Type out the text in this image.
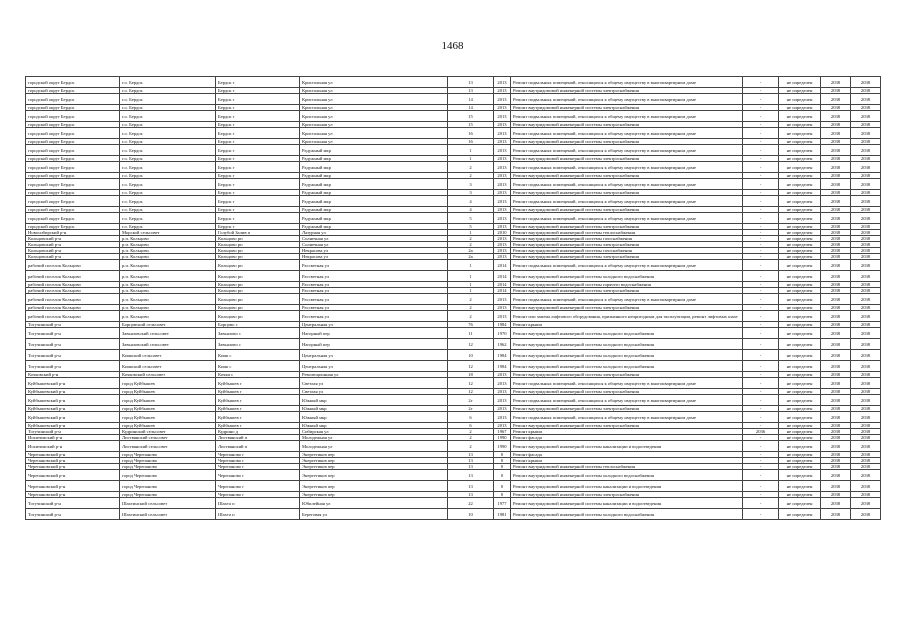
1468
городской округ Бердск	г.о. Бердск	Бердск г	Кристальная ул	13	2013	Ремонт подвальных помещений, относящихся к общему имуществу в многоквартирном доме	-	не определен	2038	2038
городской округ Бердск	г.о. Бердск	Бердск г	Кристальная ул	13	2013	Ремонт внутридомовой инженерной системы электроснабжения	-	не определен	2038	2038
городской округ Бердск	г.о. Бердск	Бердск г	Кристальная ул	14	2013	Ремонт подвальных помещений, относящихся к общему имуществу в многоквартирном доме	-	не определен	2038	2038
городской округ Бердск	г.о. Бердск	Бердск г	Кристальная ул	14	2013	Ремонт внутридомовой инженерной системы электроснабжения	-	не определен	2038	2038
городской округ Бердск	г.о. Бердск	Бердск г	Кристальная ул	15	2013	Ремонт подвальных помещений, относящихся к общему имуществу в многоквартирном доме	-	не определен	2038	2038
городской округ Бердск	г.о. Бердск	Бердск г	Кристальная ул	15	2013	Ремонт внутридомовой инженерной системы электроснабжения	-	не определен	2038	2038
городской округ Бердск	г.о. Бердск	Бердск г	Кристальная ул	16	2013	Ремонт подвальных помещений, относящихся к общему имуществу в многоквартирном доме	-	не определен	2038	2038
городской округ Бердск	г.о. Бердск	Бердск г	Кристальная ул	16	2013	Ремонт внутридомовой инженерной системы электроснабжения	-	не определен	2038	2038
городской округ Бердск	г.о. Бердск	Бердск г	Радужный мкр	1	2013	Ремонт подвальных помещений, относящихся к общему имуществу в многоквартирном доме	-	не определен	2038	2038
городской округ Бердск	г.о. Бердск	Бердск г	Радужный мкр	1	2013	Ремонт внутридомовой инженерной системы электроснабжения	-	не определен	2038	2038
городской округ Бердск	г.о. Бердск	Бердск г	Радужный мкр	2	2013	Ремонт подвальных помещений, относящихся к общему имуществу в многоквартирном доме	-	не определен	2038	2038
городской округ Бердск	г.о. Бердск	Бердск г	Радужный мкр	2	2013	Ремонт внутридомовой инженерной системы электроснабжения	-	не определен	2038	2038
городской округ Бердск	г.о. Бердск	Бердск г	Радужный мкр	3	2013	Ремонт подвальных помещений, относящихся к общему имуществу в многоквартирном доме	-	не определен	2038	2038
городской округ Бердск	г.о. Бердск	Бердск г	Радужный мкр	3	2013	Ремонт внутридомовой инженерной системы электроснабжения	-	не определен	2038	2038
городской округ Бердск	г.о. Бердск	Бердск г	Радужный мкр	4	2013	Ремонт подвальных помещений, относящихся к общему имуществу в многоквартирном доме	-	не определен	2038	2038
городской округ Бердск	г.о. Бердск	Бердск г	Радужный мкр	4	2013	Ремонт внутридомовой инженерной системы электроснабжения	-	не определен	2038	2038
городской округ Бердск	г.о. Бердск	Бердск г	Радужный мкр	5	2013	Ремонт подвальных помещений, относящихся к общему имуществу в многоквартирном доме	-	не определен	2038	2038
городской округ Бердск	г.о. Бердск	Бердск г	Радужный мкр	5	2013	Ремонт внутридомовой инженерной системы электроснабжения	-	не определен	2038	2038
Новосибирский р-н	Морской сельсовет	Голубой Залив п	Лазурная ул	1	2010	Ремонт внутридомовой инженерной системы теплоснабжения	-	не определен	2038	2038
Кольцовский р-н	р.п. Кольцово	Кольцово рп	Солнечная ул	2	2013	Ремонт внутридомовой инженерной системы газоснабжения	-	не определен	2038	2038
Кольцовский р-н	р.п. Кольцово	Кольцово рп	Солнечная ул	2	2013	Ремонт внутридомовой инженерной системы электроснабжения	-	не определен	2038	2038
Кольцовский р-н	р.п. Кольцово	Кольцово рп	Некрасова ул	2а	2013	Ремонт внутридомовой инженерной системы газоснабжения	-	не определен	2038	2038
Кольцовский р-н	р.п. Кольцово	Кольцово рп	Некрасова ул	2а	2013	Ремонт внутридомовой инженерной системы электроснабжения	-	не определен	2038	2038
рабочий поселок Кольцово	р.п. Кольцово	Кольцово рп	Рассветная ул	1	2014	Ремонт подвальных помещений, относящихся к общему имуществу в многоквартирном доме	-	не определен	2038	2038
рабочий поселок Кольцово	р.п. Кольцово	Кольцово рп	Рассветная ул	1	2014	Ремонт внутридомовой инженерной системы холодного водоснабжения	-	не определен	2038	2038
рабочий поселок Кольцово	р.п. Кольцово	Кольцово рп	Рассветная ул	1	2014	Ремонт внутридомовой инженерной системы горячего водоснабжения	-	не определен	2038	2038
рабочий поселок Кольцово	р.п. Кольцово	Кольцово рп	Рассветная ул	1	2014	Ремонт внутридомовой инженерной системы электроснабжения	-	не определен	2038	2038
рабочий поселок Кольцово	р.п. Кольцово	Кольцово рп	Рассветная ул	2	2013	Ремонт подвальных помещений, относящихся к общему имуществу в многоквартирном доме	-	не определен	2038	2038
рабочий поселок Кольцово	р.п. Кольцово	Кольцово рп	Рассветная ул	2	2013	Ремонт внутридомовой инженерной системы электроснабжения	-	не определен	2038	2038
рабочий поселок Кольцово	р.п. Кольцово	Кольцово рп	Рассветная ул	2	2013	Ремонт или замена лифтового оборудования, признанного непригодным для эксплуатации, ремонт лифтовых шахт	-	не определен	2038	2038
Тогучинский р-н	Борцовский сельсовет	Борцово с	Центральная ул	76	1984	Ремонт крыши	-	не определен	2038	2038
Тогучинский р-н	Завьяловский сельсовет	Завьялово с	Нагорный пер	11	1970	Ремонт внутридомовой инженерной системы холодного водоснабжения	-	не определен	2038	2038
Тогучинский р-н	Завьяловский сельсовет	Завьялово с	Нагорный пер	12	1962	Ремонт внутридомовой инженерной системы холодного водоснабжения	-	не определен	2038	2038
Тогучинский р-н	Киикский сельсовет	Киик с	Центральная ул	10	1984	Ремонт внутридомовой инженерной системы холодного водоснабжения	-	не определен	2038	2038
Тогучинский р-н	Киикский сельсовет	Киик с	Центральная ул	12	1984	Ремонт внутридомовой инженерной системы холодного водоснабжения	-	не определен	2038	2038
Кочковский р-н	Кочковский сельсовет	Кочки с	Революционная ул	18	2013	Ремонт внутридомовой инженерной системы электроснабжения	-	не определен	2038	2038
Куйбышевский р-н	город Куйбышев	Куйбышев г	Светлая ул	12	2013	Ремонт подвальных помещений, относящихся к общему имуществу в многоквартирном доме	-	не определен	2038	2038
Куйбышевский р-н	город Куйбышев	Куйбышев г	Светлая ул	12	2013	Ремонт внутридомовой инженерной системы электроснабжения	-	не определен	2038	2038
Куйбышевский р-н	город Куйбышев	Куйбышев г	Южный мкр	2г	2013	Ремонт подвальных помещений, относящихся к общему имуществу в многоквартирном доме	-	не определен	2038	2038
Куйбышевский р-н	город Куйбышев	Куйбышев г	Южный мкр	2г	2013	Ремонт внутридомовой инженерной системы электроснабжения	-	не определен	2038	2038
Куйбышевский р-н	город Куйбышев	Куйбышев г	Южный мкр	6	2013	Ремонт подвальных помещений, относящихся к общему имуществу в многоквартирном доме	-	не определен	2038	2038
Куйбышевский р-н	город Куйбышев	Куйбышев г	Южный мкр	6	2013	Ремонт внутридомовой инженерной системы электроснабжения	-	не определен	2038	2038
Тогучинский р-н	Кудринский сельсовет	Кудрино д	Сибирская ул	2	1967	Ремонт крыши	2036	не определен	2038	2038
Искитимский р-н	Листвянский сельсовет	Листвянский п	Молодежная ул	2	1990	Ремонт фасада	-	не определен	2038	2038
Искитимский р-н	Листвянский сельсовет	Листвянский п	Молодежная ул	2	1990	Ремонт внутридомовой инженерной системы канализации и водоотведения	-	не определен	2038	2038
Черепановский р-н	город Черепаново	Черепаново г	Энергетиков пер	13	0	Ремонт фасада	-	не определен	2038	2038
Черепановский р-н	город Черепаново	Черепаново г	Энергетиков пер	13	0	Ремонт крыши	-	не определен	2038	2038
Черепановский р-н	город Черепаново	Черепаново г	Энергетиков пер	13	0	Ремонт внутридомовой инженерной системы теплоснабжения	-	не определен	2038	2038
Черепановский р-н	город Черепаново	Черепаново г	Энергетиков пер	13	0	Ремонт внутридомовой инженерной системы холодного водоснабжения	-	не определен	2038	2038
Черепановский р-н	город Черепаново	Черепаново г	Энергетиков пер	13	0	Ремонт внутридомовой инженерной системы канализации и водоотведения	-	не определен	2038	2038
Черепановский р-н	город Черепаново	Черепаново г	Энергетиков пер	13	0	Ремонт внутридомовой инженерной системы электроснабжения	-	не определен	2038	2038
Тогучинский р-н	Шахтинский сельсовет	Шахта п	Юбилейная ул	22	1977	Ремонт внутридомовой инженерной системы канализации и водоотведения	-	не определен	2038	2038
Тогучинский р-н	Шахтинский сельсовет	Шахта п	Береговая ул	10	1981	Ремонт внутридомовой инженерной системы холодного водоснабжения	-	не определен	2038	2038
